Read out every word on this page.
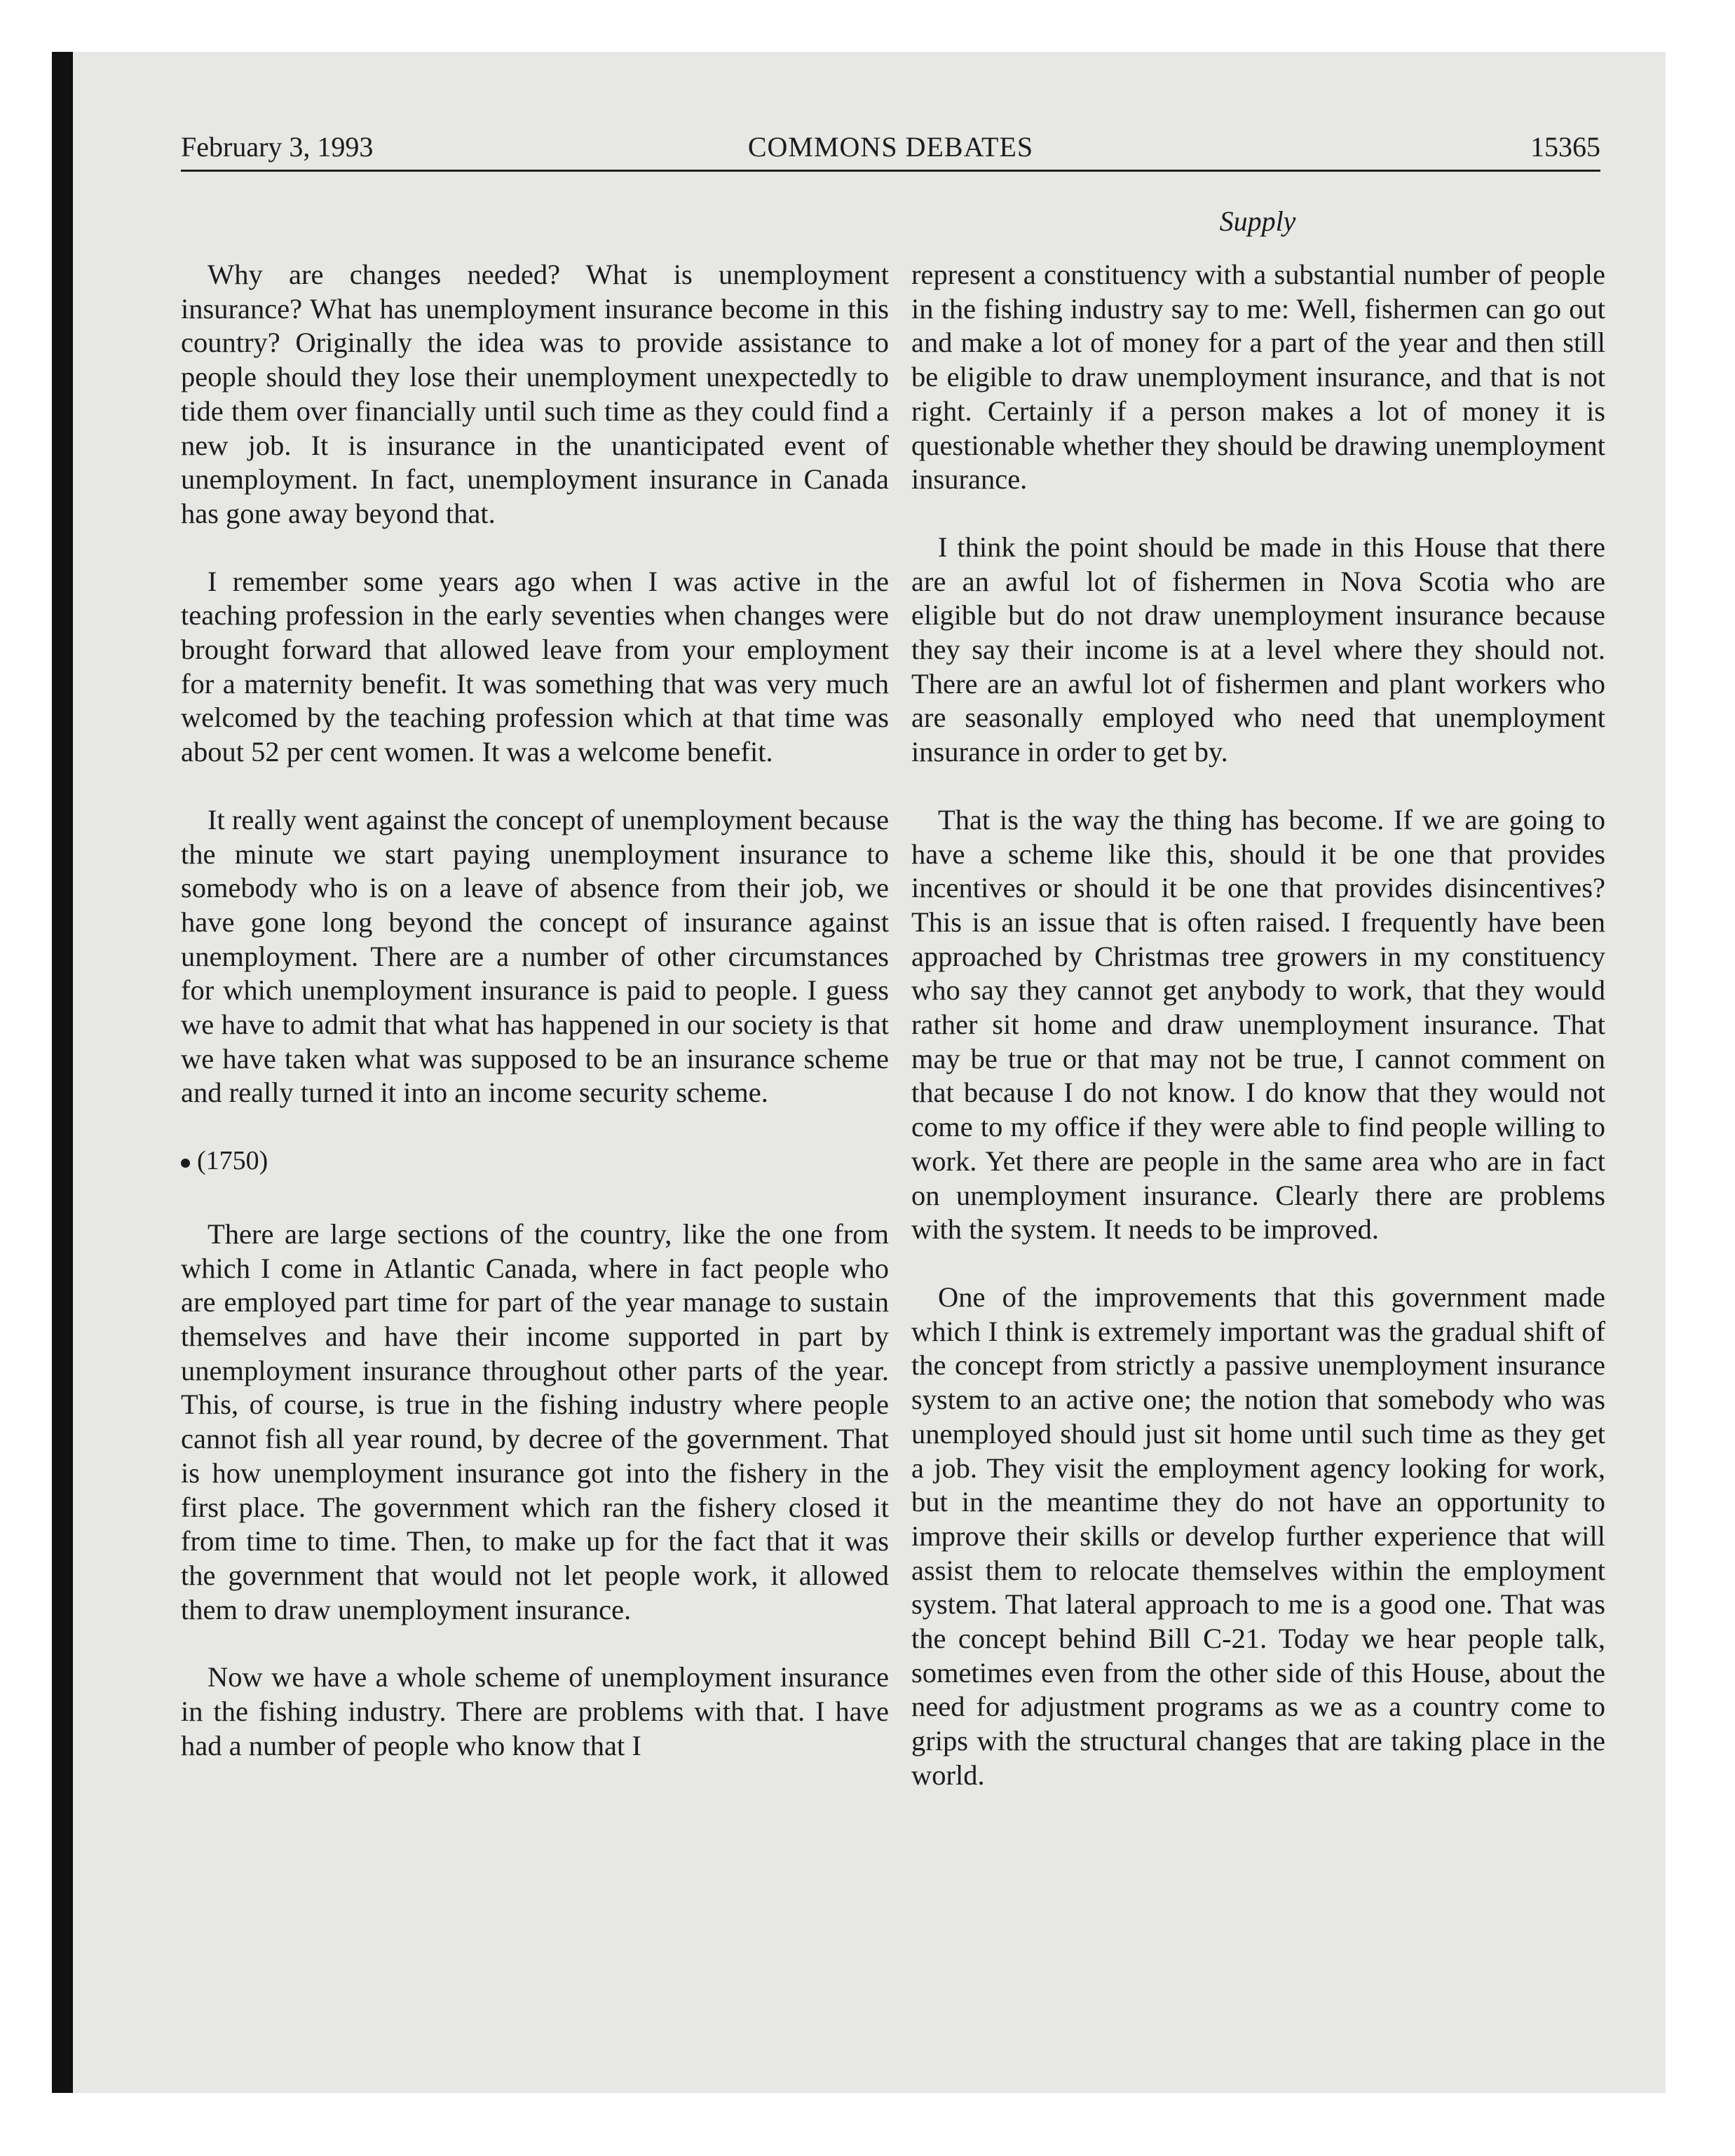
February 3, 1993	COMMONS DEBATES	15365
Supply

Why are changes needed? What is unemployment insurance? What has unemployment insurance become in this country? Originally the idea was to provide assistance to people should they lose their unemployment unexpectedly to tide them over financially until such time as they could find a new job. It is insurance in the unanticipated event of unemployment. In fact, unemployment insurance in Canada has gone away beyond that.

I remember some years ago when I was active in the teaching profession in the early seventies when changes were brought forward that allowed leave from your employment for a maternity benefit. It was something that was very much welcomed by the teaching profession which at that time was about 52 per cent women. It was a welcome benefit.

It really went against the concept of unemployment because the minute we start paying unemployment insurance to somebody who is on a leave of absence from their job, we have gone long beyond the concept of insurance against unemployment. There are a number of other circumstances for which unemployment insurance is paid to people. I guess we have to admit that what has happened in our society is that we have taken what was supposed to be an insurance scheme and really turned it into an income security scheme.

(1750)

There are large sections of the country, like the one from which I come in Atlantic Canada, where in fact people who are employed part time for part of the year manage to sustain themselves and have their income supported in part by unemployment insurance throughout other parts of the year. This, of course, is true in the fishing industry where people cannot fish all year round, by decree of the government. That is how unemployment insurance got into the fishery in the first place. The government which ran the fishery closed it from time to time. Then, to make up for the fact that it was the government that would not let people work, it allowed them to draw unemployment insurance.

Now we have a whole scheme of unemployment insurance in the fishing industry. There are problems with that. I have had a number of people who know that I

represent a constituency with a substantial number of people in the fishing industry say to me: Well, fishermen can go out and make a lot of money for a part of the year and then still be eligible to draw unemployment insurance, and that is not right. Certainly if a person makes a lot of money it is questionable whether they should be drawing unemployment insurance.

I think the point should be made in this House that there are an awful lot of fishermen in Nova Scotia who are eligible but do not draw unemployment insurance because they say their income is at a level where they should not. There are an awful lot of fishermen and plant workers who are seasonally employed who need that unemployment insurance in order to get by.

That is the way the thing has become. If we are going to have a scheme like this, should it be one that provides incentives or should it be one that provides disincentives? This is an issue that is often raised. I frequently have been approached by Christmas tree growers in my constituency who say they cannot get anybody to work, that they would rather sit home and draw unemployment insurance. That may be true or that may not be true, I cannot comment on that because I do not know. I do know that they would not come to my office if they were able to find people willing to work. Yet there are people in the same area who are in fact on unemployment insurance. Clearly there are problems with the system. It needs to be improved.

One of the improvements that this government made which I think is extremely important was the gradual shift of the concept from strictly a passive unemployment insurance system to an active one; the notion that somebody who was unemployed should just sit home until such time as they get a job. They visit the employment agency looking for work, but in the meantime they do not have an opportunity to improve their skills or develop further experience that will assist them to relocate themselves within the employment system. That lateral approach to me is a good one. That was the concept behind Bill C-21. Today we hear people talk, sometimes even from the other side of this House, about the need for adjustment programs as we as a country come to grips with the structural changes that are taking place in the world.
